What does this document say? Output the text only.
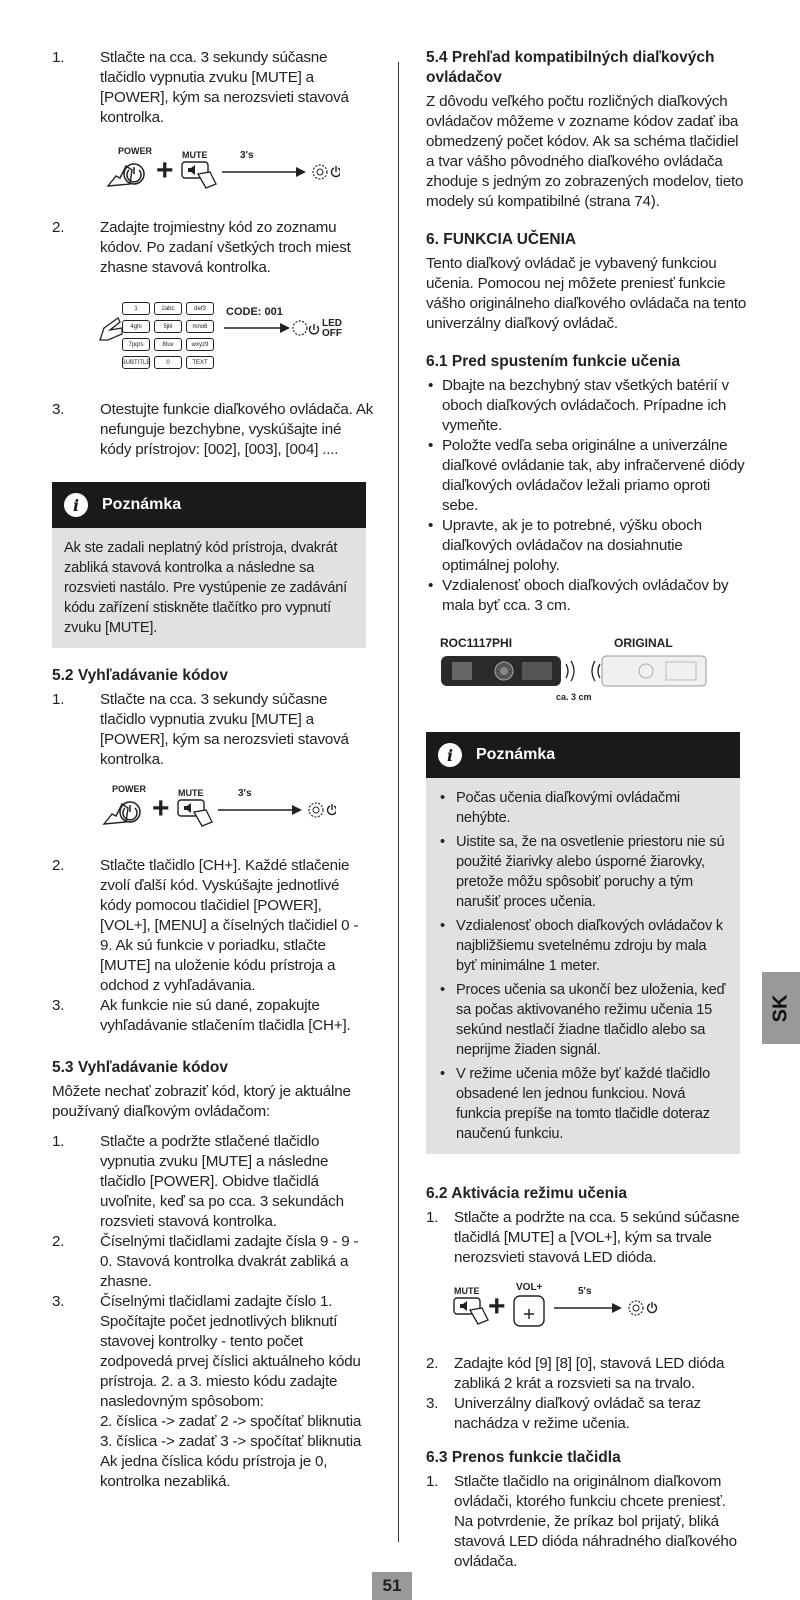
1.	Stlačte na cca. 3 sekundy súčasne tlačidlo vypnutia zvuku [MUTE] a [POWER], kým sa nerozsvieti stavová kontrolka.
POWER
+ MUTE	3's
2.	Zadajte trojmiestny kód zo zoznamu kódov. Po zadaní všetkých troch miest zhasne stavová kontrolka.
1	2abc	def3
4ghi	5jkl	mno6
7pqrs	8tuv	wxyz9
SUBTITLE	0	TEXT
CODE: 001
LED
OFF
3.	Otestujte funkcie diaľkového ovládača. Ak nefunguje bezchybne, vyskúšajte iné kódy prístrojov: [002], [003], [004] ....
i	Poznámka
Ak ste zadali neplatný kód prístroja, dvakrát zabliká stavová kontrolka a následne sa rozsvieti nastálo. Pre vystúpenie ze zadávání kódu zařízení stiskněte tlačítko pro vypnutí zvuku [MUTE].
5.2 Vyhľadávanie kódov
1.	Stlačte na cca. 3 sekundy súčasne tlačidlo vypnutia zvuku [MUTE] a [POWER], kým sa nerozsvieti stavová kontrolka.
POWER
+ MUTE	3's
2.	Stlačte tlačidlo [CH+]. Každé stlačenie zvolí ďalší kód. Vyskúšajte jednotlivé kódy pomocou tlačidiel [POWER], [VOL+], [MENU] a číselných tlačidiel 0 - 9. Ak sú funkcie v poriadku, stlačte [MUTE] na uloženie kódu prístroja a odchod z vyhľadávania.
3.	Ak funkcie nie sú dané, zopakujte vyhľadávanie stlačením tlačidla [CH+].
5.3 Vyhľadávanie kódov

Môžete nechať zobraziť kód, ktorý je aktuálne používaný diaľkovým ovládačom:

1.	Stlačte a podržte stlačené tlačidlo vypnutia zvuku [MUTE] a následne tlačidlo [POWER]. Obidve tlačidlá uvoľnite, keď sa po cca. 3 sekundách rozsvieti stavová kontrolka.
2.	Číselnými tlačidlami zadajte čísla 9 - 9 - 0. Stavová kontrolka dvakrát zabliká a zhasne.
3.	Číselnými tlačidlami zadajte číslo 1. Spočítajte počet jednotlivých bliknutí stavovej kontrolky - tento počet zodpovedá prvej číslici aktuálneho kódu prístroja. 2. a 3. miesto kódu zadajte nasledovným spôsobom:
2. číslica -> zadať 2 -> spočítať bliknutia
3. číslica -> zadať 3 -> spočítať bliknutia
Ak jedna číslica kódu prístroja je 0, kontrolka nezabliká.
5.4 Prehľad kompatibilných diaľkových ovládačov

Z dôvodu veľkého počtu rozličných diaľkových ovládačov môžeme v zozname kódov zadať iba obmedzený počet kódov. Ak sa schéma tlačidiel a tvar vášho pôvodného diaľkového ovládača zhoduje s jedným zo zobrazených modelov, tieto modely sú kompatibilné (strana 74).

6. FUNKCIA UČENIA

Tento diaľkový ovládač je vybavený funkciou učenia. Pomocou nej môžete preniesť funkcie vášho originálneho diaľkového ovládača na tento univerzálny diaľkový ovládač.

6.1 Pred spustením funkcie učenia
• Dbajte na bezchybný stav všetkých batérií v oboch diaľkových ovládačoch. Prípadne ich vymeňte.
• Položte vedľa seba originálne a univerzálne diaľkové ovládanie tak, aby infračervené diódy diaľkových ovládačov ležali priamo oproti sebe.
• Upravte, ak je to potrebné, výšku oboch diaľkových ovládačov na dosiahnutie optimálnej polohy.
• Vzdialenosť oboch diaľkových ovládačov by mala byť cca. 3 cm.
ROC1117PHI	ORIGINAL
ca. 3 cm
i	Poznámka
• Počas učenia diaľkovými ovládačmi nehýbte.
• Uistite sa, že na osvetlenie priestoru nie sú použité žiarivky alebo úsporné žiarovky, pretože môžu spôsobiť poruchy a tým narušiť proces učenia.
• Vzdialenosť oboch diaľkových ovládačov k najbližšiemu svetelnému zdroju by mala byť minimálne 1 meter.
• Proces učenia sa ukončí bez uloženia, keď sa počas aktivovaného režimu učenia 15 sekúnd nestlačí žiadne tlačidlo alebo sa neprijme žiaden signál.
• V režime učenia môže byť každé tlačidlo obsadené len jednou funkciou. Nová funkcia prepíše na tomto tlačidle doteraz naučenú funkciu.
6.2 Aktivácia režimu učenia
1.	Stlačte a podržte na cca. 5 sekúnd súčasne tlačidlá [MUTE] a [VOL+], kým sa trvale nerozsvieti stavová LED dióda.
MUTE +
VOL+	5's
2.	Zadajte kód [9] [8] [0], stavová LED dióda zabliká 2 krát a rozsvieti sa na trvalo.
3.	Univerzálny diaľkový ovládač sa teraz nachádza v režime učenia.
6.3 Prenos funkcie tlačidla
1.	Stlačte tlačidlo na originálnom diaľkovom ovládači, ktorého funkciu chcete preniesť. Na potvrdenie, že príkaz bol prijatý, bliká stavová LED dióda náhradného diaľkového ovládača.
SK
51
